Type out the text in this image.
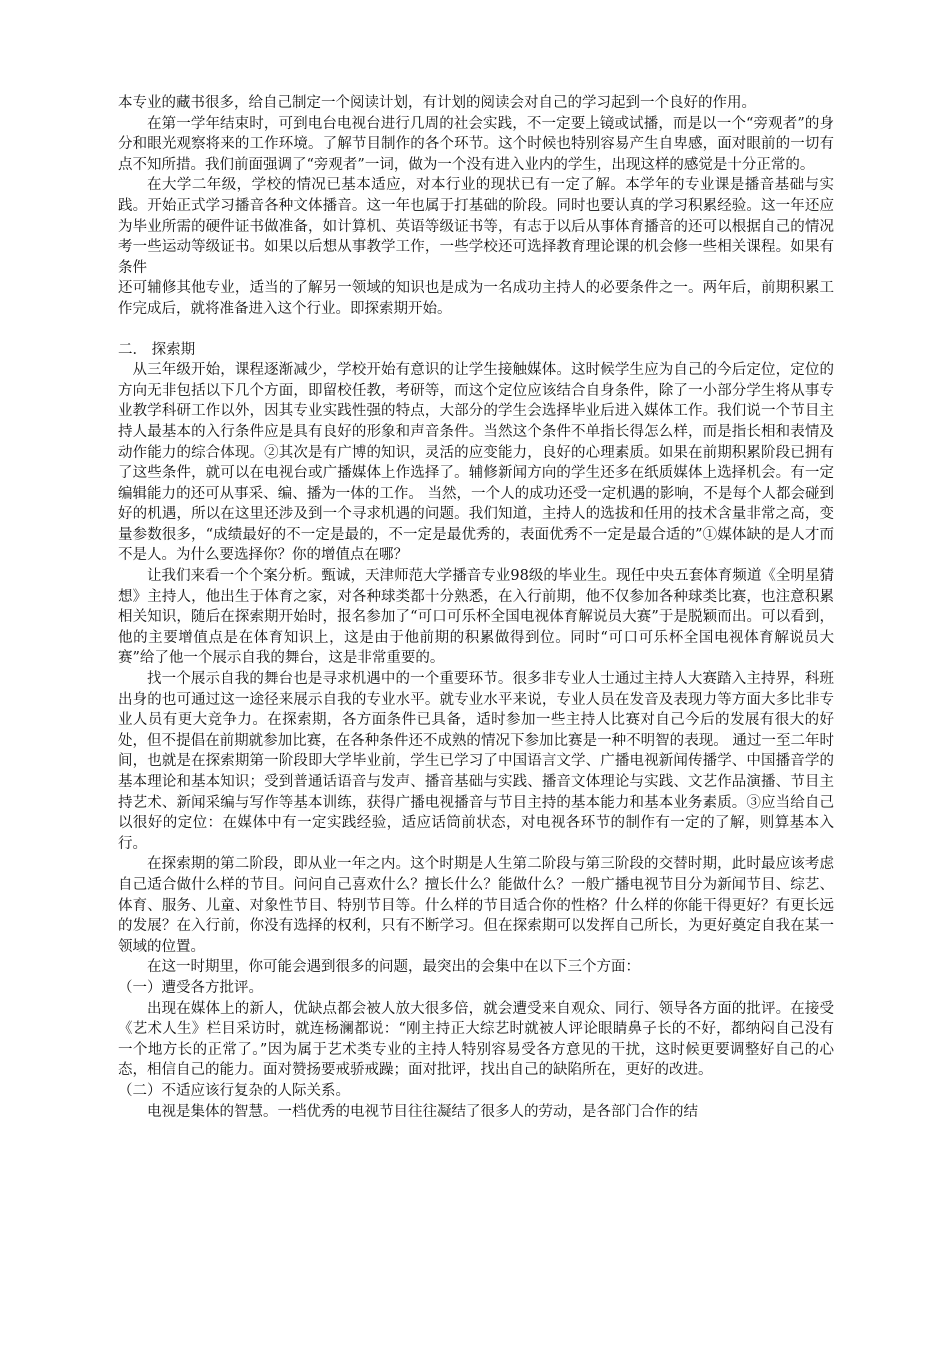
本专业的藏书很多，给自己制定一个阅读计划，有计划的阅读会对自己的学习起到一个良好的作用。

在第一学年结束时，可到电台电视台进行几周的社会实践，不一定要上镜或试播，而是以一个“旁观者”的身分和眼光观察将来的工作环境。了解节目制作的各个环节。这个时候也特别容易产生自卑感，面对眼前的一切有点不知所措。我们前面强调了“旁观者”一词，做为一个没有进入业内的学生，出现这样的感觉是十分正常的。

在大学二年级，学校的情况已基本适应，对本行业的现状已有一定了解。本学年的专业课是播音基础与实践。开始正式学习播音各种文体播音。这一年也属于打基础的阶段。同时也要认真的学习积累经验。这一年还应为毕业所需的硬件证书做准备，如计算机、英语等级证书等，有志于以后从事体育播音的还可以根据自己的情况考一些运动等级证书。如果以后想从事教学工作，一些学校还可选择教育理论课的机会修一些相关课程。如果有条件

还可辅修其他专业，适当的了解另一领域的知识也是成为一名成功主持人的必要条件之一。两年后，前期积累工作完成后，就将准备进入这个行业。即探索期开始。

二． 探索期

从三年级开始，课程逐渐减少，学校开始有意识的让学生接触媒体。这时候学生应为自己的今后定位，定位的方向无非包括以下几个方面，即留校任教，考研等，而这个定位应该结合自身条件，除了一小部分学生将从事专业教学科研工作以外，因其专业实践性强的特点，大部分的学生会选择毕业后进入媒体工作。我们说一个节目主持人最基本的入行条件应是具有良好的形象和声音条件。当然这个条件不单指长得怎么样，而是指长相和表情及动作能力的综合体现。②其次是有广博的知识，灵活的应变能力，良好的心理素质。如果在前期积累阶段已拥有了这些条件，就可以在电视台或广播媒体上作选择了。辅修新闻方向的学生还多在纸质媒体上选择机会。有一定编辑能力的还可从事采、编、播为一体的工作。 当然，一个人的成功还受一定机遇的影响，不是每个人都会碰到好的机遇，所以在这里还涉及到一个寻求机遇的问题。我们知道，主持人的选拔和任用的技术含量非常之高，变量参数很多，“成绩最好的不一定是最的，不一定是最优秀的，表面优秀不一定是最合适的”①媒体缺的是人才而不是人。为什么要选择你？你的增值点在哪？

让我们来看一个个案分析。甄诚，天津师范大学播音专业98级的毕业生。现任中央五套体育频道《全明星猜想》主持人，他出生于体育之家，对各种球类都十分熟悉，在入行前期，他不仅参加各种球类比赛，也注意积累相关知识，随后在探索期开始时，报名参加了“可口可乐杯全国电视体育解说员大赛”于是脱颖而出。可以看到，他的主要增值点是在体育知识上，这是由于他前期的积累做得到位。同时“可口可乐杯全国电视体育解说员大赛”给了他一个展示自我的舞台，这是非常重要的。

找一个展示自我的舞台也是寻求机遇中的一个重要环节。很多非专业人士通过主持人大赛踏入主持界，科班出身的也可通过这一途径来展示自我的专业水平。就专业水平来说，专业人员在发音及表现力等方面大多比非专业人员有更大竞争力。在探索期，各方面条件已具备，适时参加一些主持人比赛对自己今后的发展有很大的好处，但不提倡在前期就参加比赛，在各种条件还不成熟的情况下参加比赛是一种不明智的表现。 通过一至二年时间，也就是在探索期第一阶段即大学毕业前，学生已学习了中国语言文学、广播电视新闻传播学、中国播音学的基本理论和基本知识；受到普通话语音与发声、播音基础与实践、播音文体理论与实践、文艺作品演播、节目主持艺术、新闻采编与写作等基本训练，获得广播电视播音与节目主持的基本能力和基本业务素质。③应当给自己以很好的定位：在媒体中有一定实践经验，适应话筒前状态，对电视各环节的制作有一定的了解，则算基本入行。

在探索期的第二阶段，即从业一年之内。这个时期是人生第二阶段与第三阶段的交替时期，此时最应该考虑自己适合做什么样的节目。问问自己喜欢什么？擅长什么？能做什么？一般广播电视节目分为新闻节目、综艺、体育、服务、儿童、对象性节目、特别节目等。什么样的节目适合你的性格？什么样的你能干得更好？有更长远的发展？在入行前，你没有选择的权利，只有不断学习。但在探索期可以发挥自己所长，为更好奠定自我在某一领域的位置。

在这一时期里，你可能会遇到很多的问题，最突出的会集中在以下三个方面：

（一）遭受各方批评。

出现在媒体上的新人，优缺点都会被人放大很多倍，就会遭受来自观众、同行、领导各方面的批评。在接受《艺术人生》栏目采访时，就连杨澜都说：“刚主持正大综艺时就被人评论眼睛鼻子长的不好，都纳闷自己没有一个地方长的正常了。”因为属于艺术类专业的主持人特别容易受各方意见的干扰，这时候更要调整好自己的心态，相信自己的能力。面对赞扬要戒骄戒躁；面对批评，找出自己的缺陷所在，更好的改进。

（二）不适应该行复杂的人际关系。

电视是集体的智慧。一档优秀的电视节目往往凝结了很多人的劳动，是各部门合作的结
